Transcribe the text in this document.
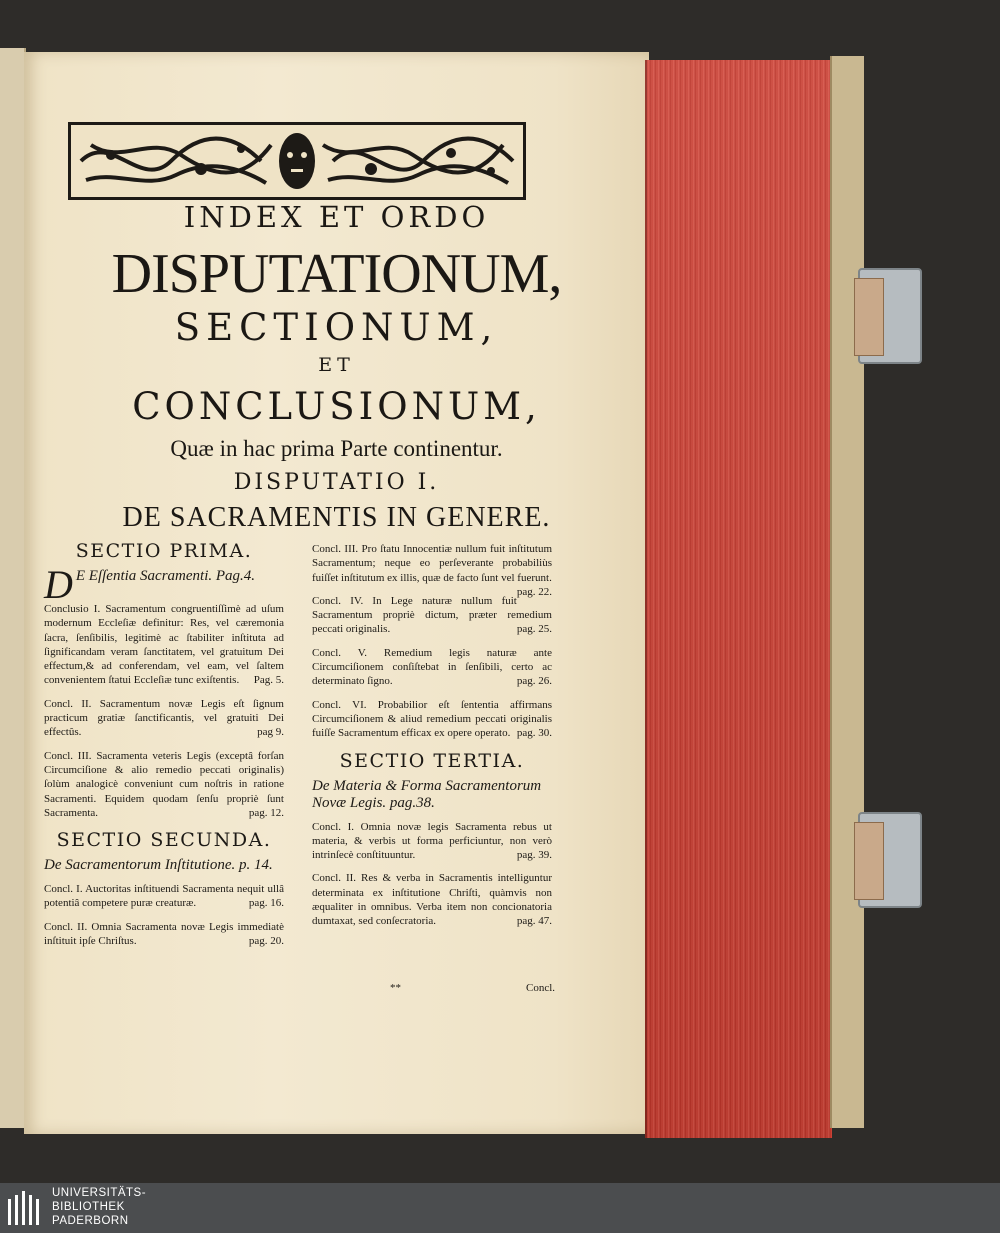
INDEX ET ORDO
DISPUTATIONUM,
SECTIONUM,
ET
CONCLUSIONUM,
Quæ in hac prima Parte continentur.
DISPUTATIO I.
DE SACRAMENTIS IN GENERE.
SECTIO PRIMA.
D E Eſſentia Sacramenti. Pag.4.
Conclusio I. Sacramentum congruentiſſimè ad uſum modernum Eccleſiæ definitur: Res, vel cæremonia ſacra, ſenſibilis, legitimè ac ſtabiliter inſtituta ad ſignificandam veram ſanctitatem, vel gratuitum Dei effectum,& ad conferendam, vel eam, vel ſaltem convenientem ſtatui Eccleſiæ tunc exiſtentis. Pag. 5.
Concl. II. Sacramentum novæ Legis eſt ſignum practicum gratiæ ſanctificantis, vel gratuiti Dei effectûs.	pag 9.
Concl. III. Sacramenta veteris Legis (exceptâ forſan Circumciſione & alio remedio peccati originalis) ſolùm analogicè conveniunt cum noſtris in ratione Sacramenti. Equidem quodam ſenſu propriè ſunt Sacramenta.	pag. 12.
SECTIO SECUNDA.
De Sacramentorum Inſtitutione. p. 14.
Concl. I. Auctoritas inſtituendi Sacramenta nequit ullâ potentiâ competere puræ creaturæ.	pag. 16.
Concl. II. Omnia Sacramenta novæ Legis immediatè inſtituit ipſe Chriſtus.	pag. 20.
Concl. III. Pro ſtatu Innocentiæ nullum fuit inſtitutum Sacramentum; neque eo perſeverante probabiliùs fuiſſet inſtitutum ex illis, quæ de facto ſunt vel fuerunt.
pag. 22.
Concl. IV. In Lege naturæ nullum fuit Sacramentum propriè dictum, præter remedium peccati originalis.	pag. 25.
Concl. V. Remedium legis naturæ ante Circumciſionem conſiſtebat in ſenſibili, certo ac determinato ſigno.	pag. 26.
Concl. VI. Probabilior eſt ſententia affirmans Circumciſionem & aliud remedium peccati originalis fuiſſe Sacramentum efficax ex opere operato. pag. 30.
SECTIO TERTIA.
De Materia & Forma Sacramentorum Novæ Legis. pag.38.
Concl. I. Omnia novæ legis Sacramenta rebus ut materia, & verbis ut forma perficiuntur, non verò intrinſecè conſtituuntur.	pag. 39.
Concl. II. Res & verba in Sacramentis intelliguntur determinata ex inſtitutione Chriſti, quàmvis non æqualiter in omnibus. Verba item non concionatoria dumtaxat, sed conſecratoria.	pag. 47.
**	Concl.
UNIVERSITÄTS-
BIBLIOTHEK
PADERBORN
